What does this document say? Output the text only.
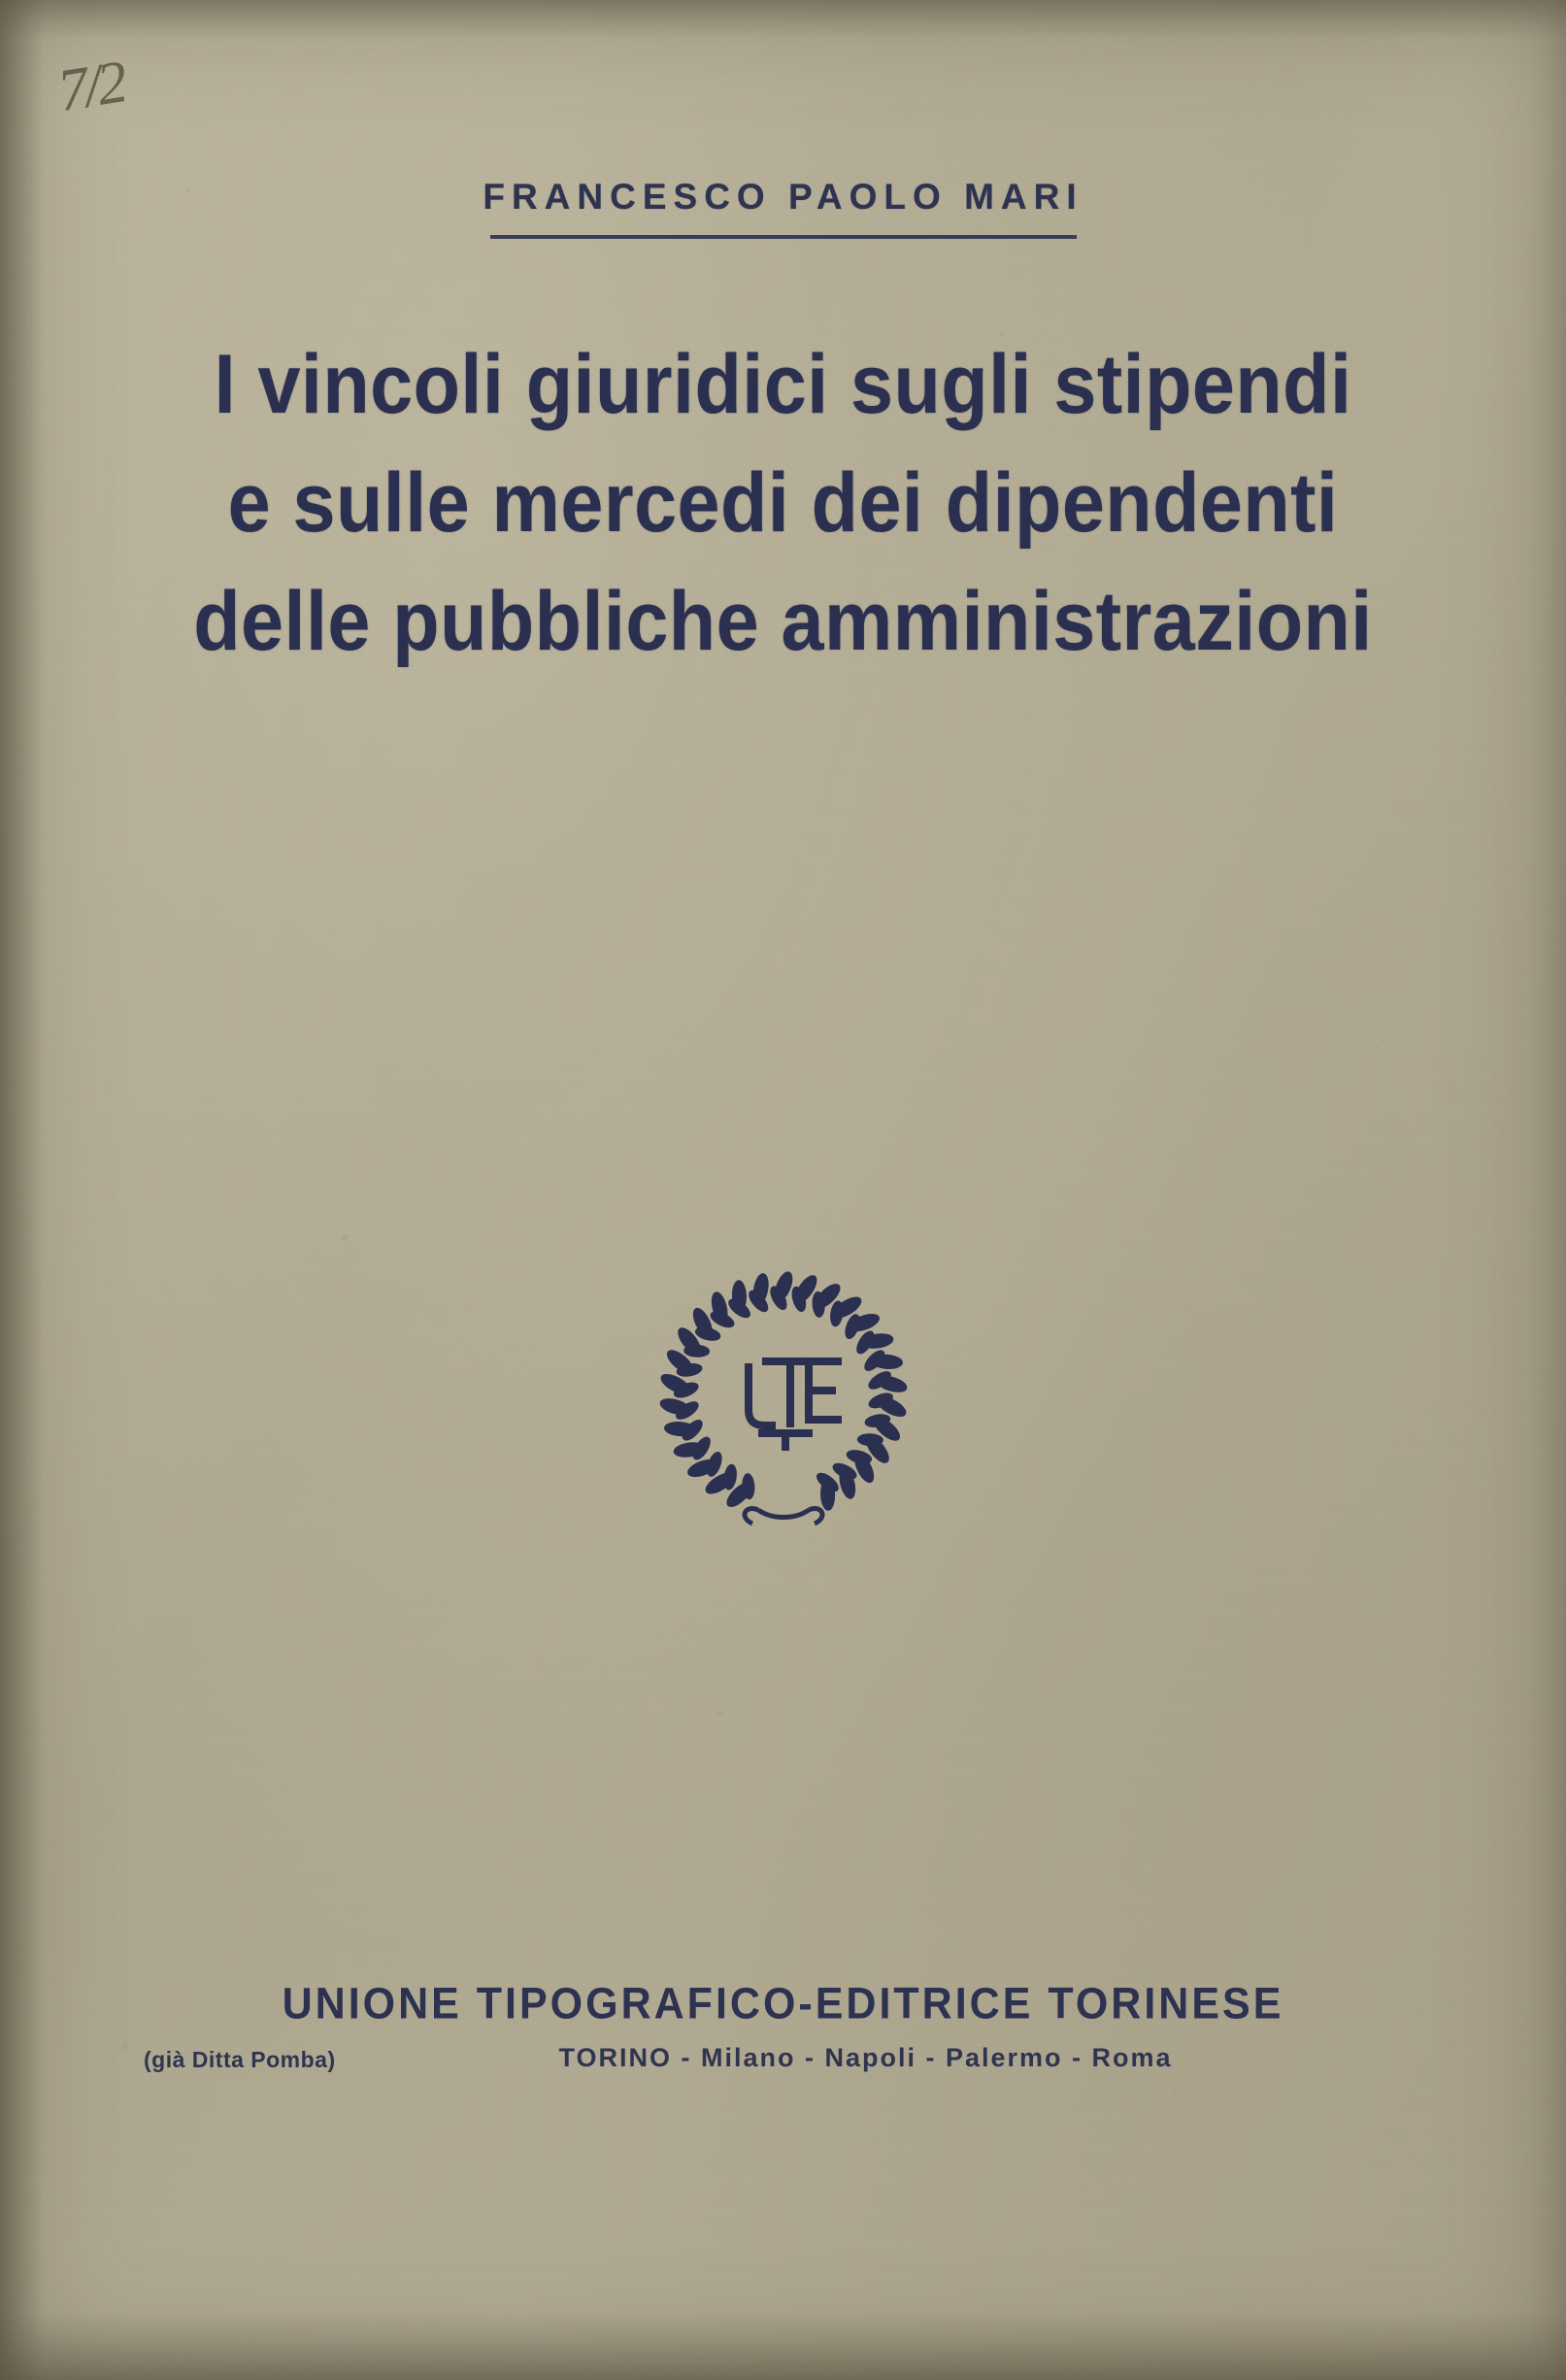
7/2
FRANCESCO PAOLO MARI
I vincoli giuridici sugli stipendi
e sulle mercedi dei dipendenti
delle pubbliche amministrazioni
UNIONE TIPOGRAFICO-EDITRICE TORINESE
(già Ditta Pomba)	TORINO - Milano - Napoli - Palermo - Roma
